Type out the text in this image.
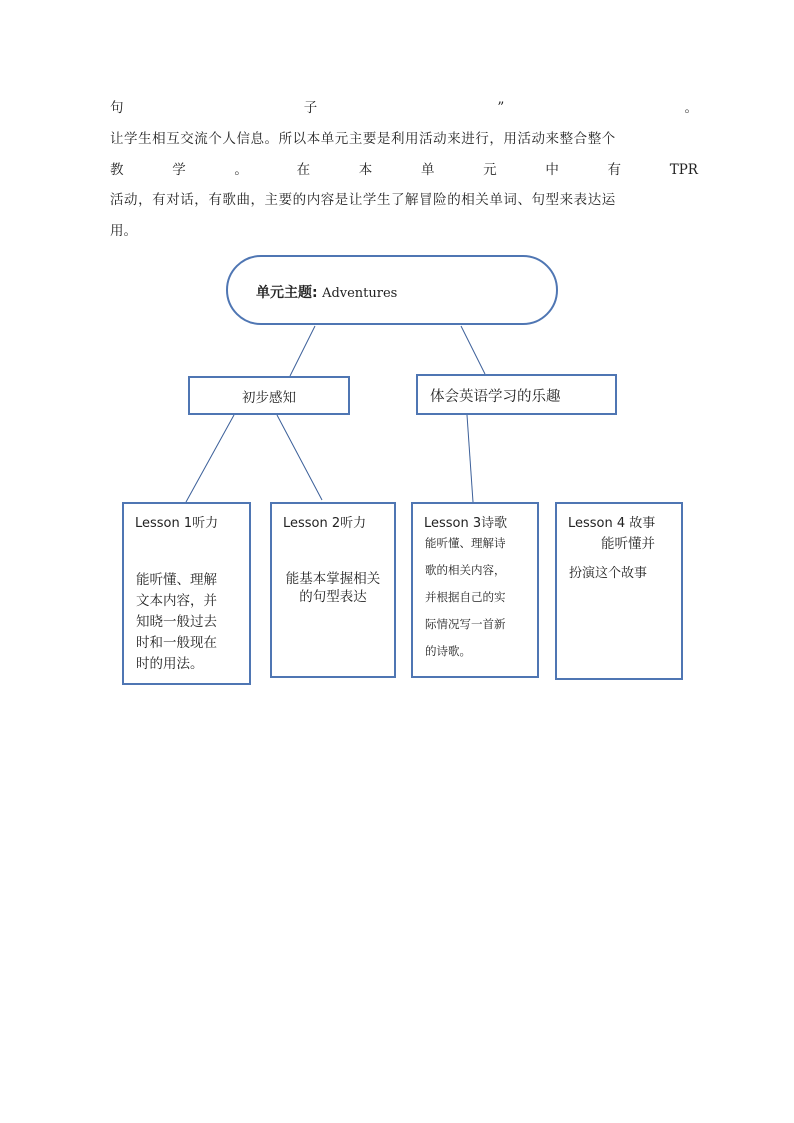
句	子	”	。
让学生相互交流个人信息。所以本单元主要是利用活动来进行，用活动来整合整个
教	学	。	在	本	单	元	中	有	TPR
活动，有对话，有歌曲，主要的内容是让学生了解冒险的相关单词、句型来表达运
用。
单元主题: Adventures
初步感知	体会英语学习的乐趣
Lesson 1听力
能听懂、理解
文本内容，并
知晓一般过去
时和一般现在
时的用法。
Lesson 2听力
能基本掌握相关
的句型表达
Lesson 3诗歌
能听懂、理解诗
歌的相关内容，
并根据自己的实
际情况写一首新
的诗歌。
Lesson 4 故事
能听懂并
扮演这个故事
